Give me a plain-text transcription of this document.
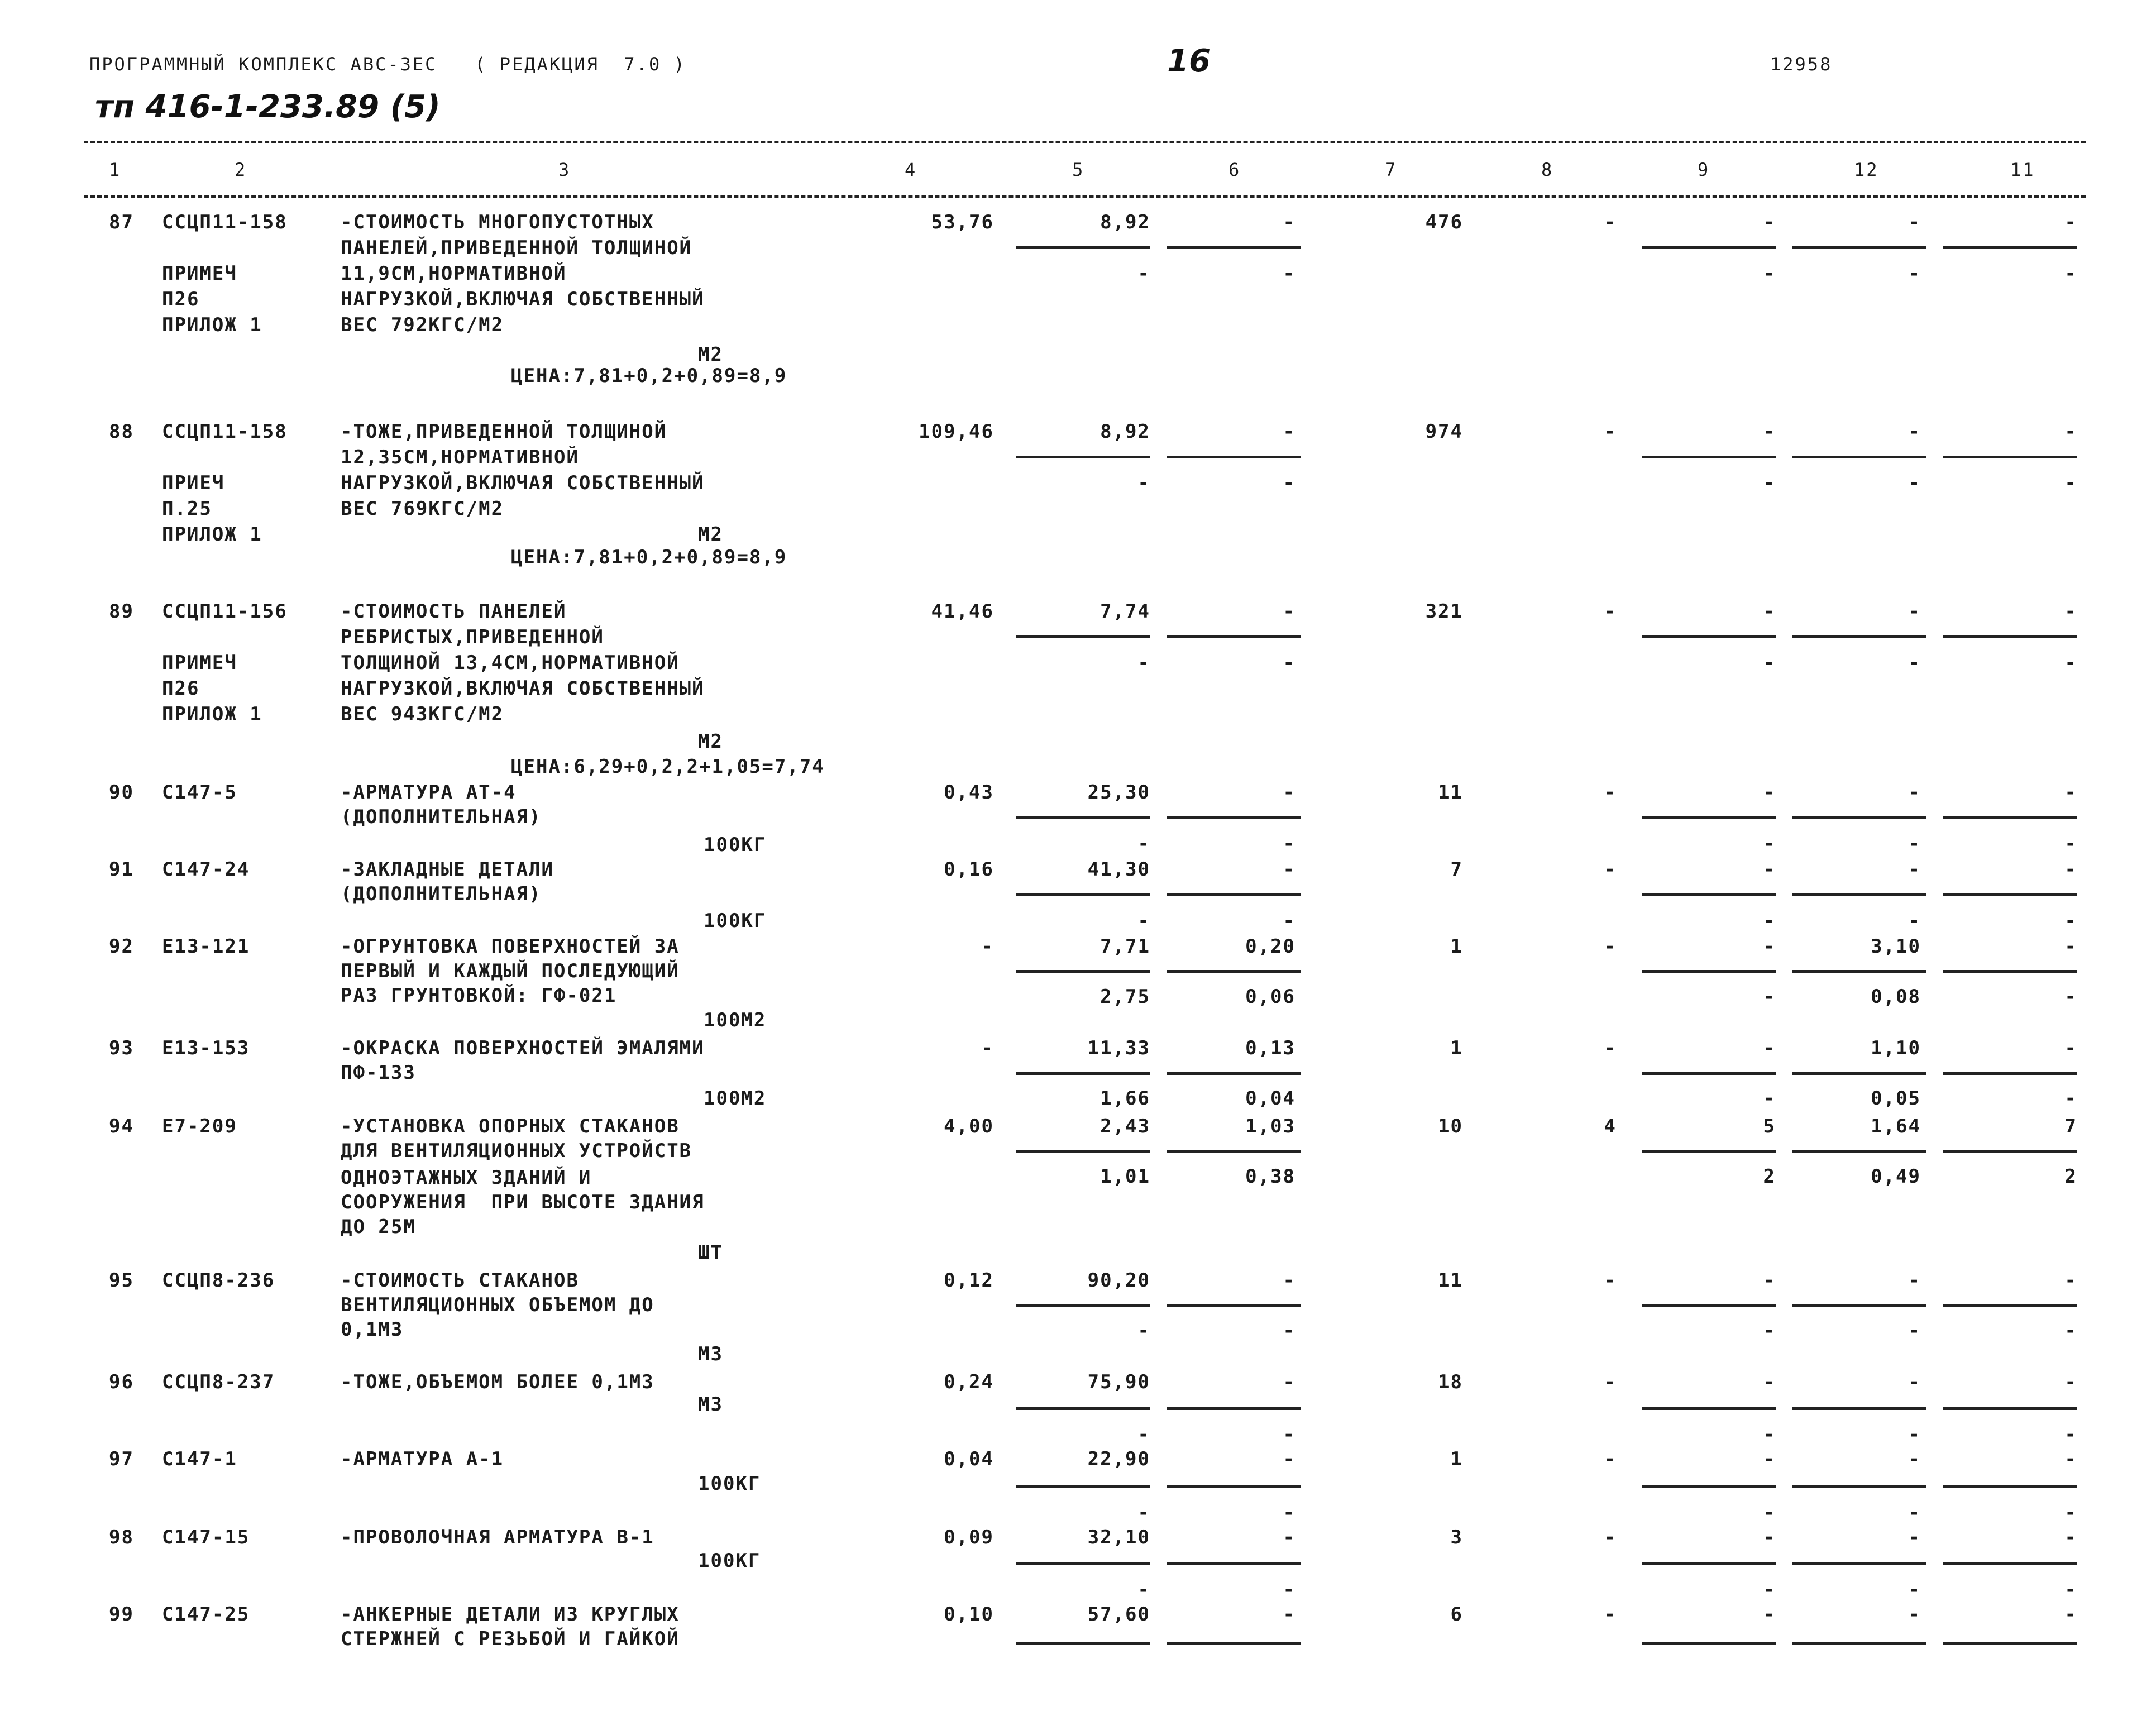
ПРОГРАММНЫЙ КОМПЛЕКС АВС-ЗЕС   ( РЕДАКЦИЯ  7.0 )	16	12958
тп 416-1-233.89 (5)
1	2	3	4	5	6	7	8	9	12	11
87 ССЦП11-158
ПРИМЕЧ
П26
ПРИЛОЖ 1
-СТОИМОСТЬ МНОГОПУСТОТНЫХ
ПАНЕЛЕЙ,ПРИВЕДЕННОЙ ТОЛЩИНОЙ
11,9СМ,НОРМАТИВНОЙ
НАГРУЗКОЙ,ВКЛЮЧАЯ СОБСТВЕННЫЙ
ВЕС 792КГС/М2
М2
ЦЕНА:7,81+0,2+0,89=8,9
53,76	8,92	-	476	-	-	-	-
-	-	-	-	-
88 ССЦП11-158
ПРИЕЧ
П.25
ПРИЛОЖ 1
-ТОЖЕ,ПРИВЕДЕННОЙ ТОЛЩИНОЙ
12,35СМ,НОРМАТИВНОЙ
НАГРУЗКОЙ,ВКЛЮЧАЯ СОБСТВЕННЫЙ
ВЕС 769КГС/М2
М2
ЦЕНА:7,81+0,2+0,89=8,9
109,46	8,92	-	974	-	-	-	-
-	-	-	-	-
89 ССЦП11-156
ПРИМЕЧ
П26
ПРИЛОЖ 1
-СТОИМОСТЬ ПАНЕЛЕЙ
РЕБРИСТЫХ,ПРИВЕДЕННОЙ
ТОЛЩИНОЙ 13,4СМ,НОРМАТИВНОЙ
НАГРУЗКОЙ,ВКЛЮЧАЯ СОБСТВЕННЫЙ
ВЕС 943КГС/М2
М2
ЦЕНА:6,29+0,2,2+1,05=7,74
41,46	7,74	-	321	-	-	-	-
-	-	-	-	-
90 С147-5	-АРМАТУРА АТ-4
(ДОПОЛНИТЕЛЬНАЯ)
100КГ
0,43	25,30	-	11	-	-	-	-
-	-	-	-	-
91 С147-24	-ЗАКЛАДНЫЕ ДЕТАЛИ
(ДОПОЛНИТЕЛЬНАЯ)
100КГ
0,16	41,30	-	7	-	-	-	-
-	-	-	-	-
92 Е13-121	-ОГРУНТОВКА ПОВЕРХНОСТЕЙ ЗА
ПЕРВЫЙ И КАЖДЫЙ ПОСЛЕДУЮЩИЙ
РАЗ ГРУНТОВКОЙ: ГФ-021
100М2
-	7,71	0,20	1	-	-	3,10	-
2,75	0,06	-	0,08	-
93 Е13-153	-ОКРАСКА ПОВЕРХНОСТЕЙ ЭМАЛЯМИ
ПФ-133
100М2
-	11,33	0,13	1	-	-	1,10	-
1,66	0,04	-	0,05	-
94 Е7-209	-УСТАНОВКА ОПОРНЫХ СТАКАНОВ
ДЛЯ ВЕНТИЛЯЦИОННЫХ УСТРОЙСТВ
ОДНОЭТАЖНЫХ ЗДАНИЙ И
СООРУЖЕНИЯ  ПРИ ВЫСОТЕ ЗДАНИЯ
ДО 25М
ШТ
4,00	2,43	1,03	10	4	5	1,64	7
1,01	0,38	2	0,49	2
95 ССЦП8-236	-СТОИМОСТЬ СТАКАНОВ
ВЕНТИЛЯЦИОННЫХ ОБЪЕМОМ ДО
0,1М3
М3
0,12	90,20	-	11	-	-	-	-
-	-	-	-	-
96 ССЦП8-237	-ТОЖЕ,ОБЪЕМОМ БОЛЕЕ 0,1М3
М3
0,24	75,90	-	18	-	-	-	-
-	-	-	-	-
97 С147-1	-АРМАТУРА А-1
100КГ
0,04	22,90	-	1	-	-	-	-
-	-	-	-	-
98 С147-15	-ПРОВОЛОЧНАЯ АРМАТУРА В-1
100КГ
0,09	32,10	-	3	-	-	-	-
-	-	-	-	-
99 С147-25	-АНКЕРНЫЕ ДЕТАЛИ ИЗ КРУГЛЫХ
СТЕРЖНЕЙ С РЕЗЬБОЙ И ГАЙКОЙ
0,10	57,60	-	6	-	-	-	-
